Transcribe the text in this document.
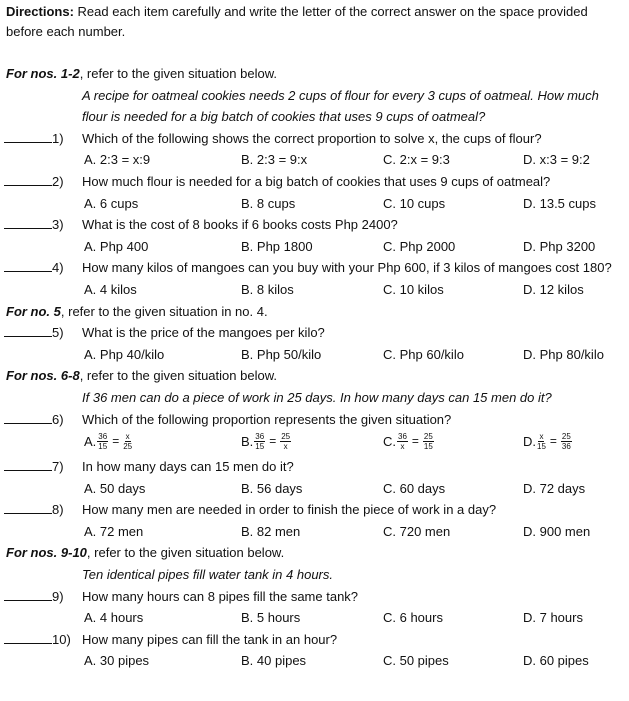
Directions: Read each item carefully and write the letter of the correct answer on the space provided before each number.
For nos. 1-2, refer to the given situation below.
A recipe for oatmeal cookies needs 2 cups of flour for every 3 cups of oatmeal. How much flour is needed for a big batch of cookies that uses 9 cups of oatmeal?
1)	Which of the following shows the correct proportion to solve x, the cups of flour?
A. 2:3 = x:9	B. 2:3 = 9:x	C. 2:x = 9:3	D. x:3 = 9:2
2)	How much flour is needed for a big batch of cookies that uses 9 cups of oatmeal?
A. 6 cups	B. 8 cups	C. 10 cups	D. 13.5 cups
3)	What is the cost of 8 books if 6 books costs Php 2400?
A. Php 400	B. Php 1800	C. Php 2000	D. Php 3200
4)	How many kilos of mangoes can you buy with your Php 600, if 3 kilos of mangoes cost 180?
A. 4 kilos	B. 8 kilos	C. 10 kilos	D. 12 kilos
For no. 5, refer to the given situation in no. 4.
5)	What is the price of the mangoes per kilo?
A. Php 40/kilo	B. Php 50/kilo	C. Php 60/kilo	D. Php 80/kilo
For nos. 6-8, refer to the given situation below.
If 36 men can do a piece of work in 25 days. In how many days can 15 men do it?
6)	Which of the following proportion represents the given situation?
A. $\frac{36}{15} = \frac{x}{25}$	B. $\frac{36}{15} = \frac{25}{x}$	C. $\frac{36}{x} = \frac{25}{15}$	D. $\frac{x}{15} = \frac{25}{36}$
7)	In how many days can 15 men do it?
A. 50 days	B. 56 days	C. 60 days	D. 72 days
8)	How many men are needed in order to finish the piece of work in a day?
A. 72 men	B. 82 men	C. 720 men	D. 900 men
For nos. 9-10, refer to the given situation below.
Ten identical pipes fill water tank in 4 hours.
9)	How many hours can 8 pipes fill the same tank?
A. 4 hours	B. 5 hours	C. 6 hours	D. 7 hours
10) How many pipes can fill the tank in an hour?
A. 30 pipes	B. 40 pipes	C. 50 pipes	D. 60 pipes
